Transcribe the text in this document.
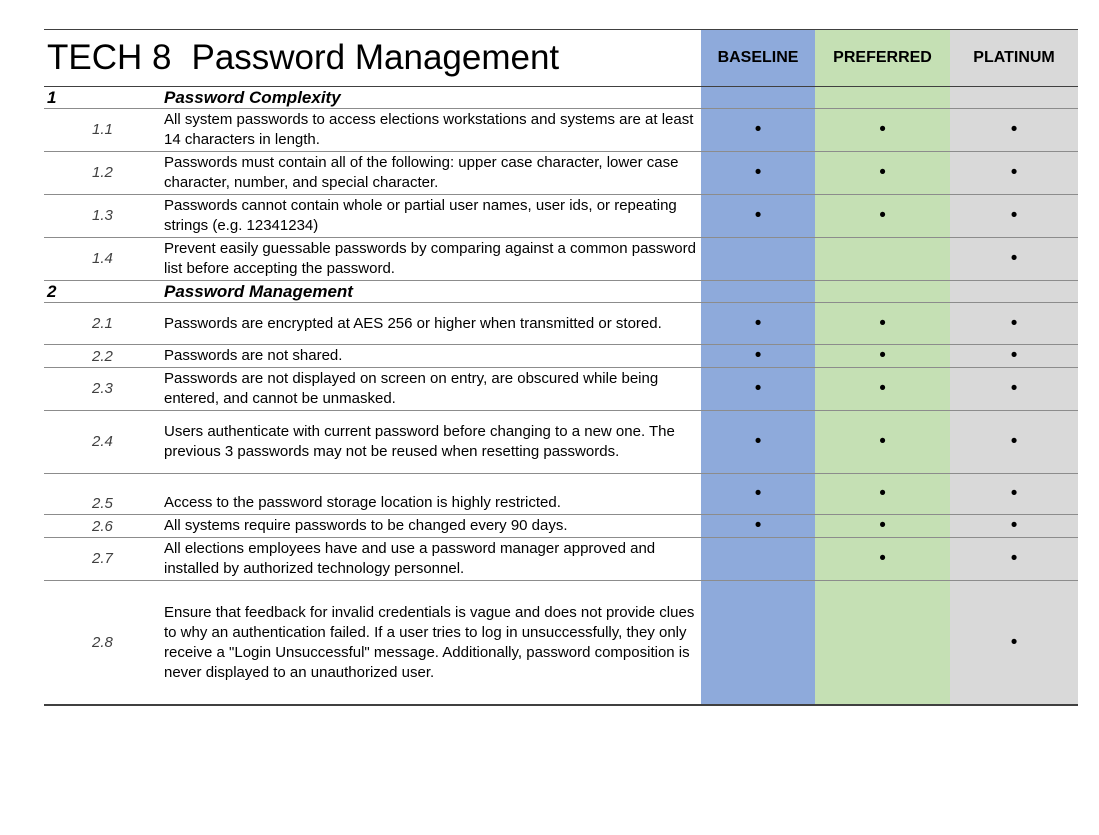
TECH 8 Password Management		BASELINE	PREFERRED	PLATINUM
1	Password Complexity			
1.1	All system passwords to access elections workstations and systems are at least 14 characters in length.	•	•	•
1.2	Passwords must contain all of the following: upper case character, lower case character, number, and special character.	•	•	•
1.3	Passwords cannot contain whole or partial user names, user ids, or repeating strings (e.g. 12341234)	•	•	•
1.4	Prevent easily guessable passwords by comparing against a common password list before accepting the password.			•
2	Password Management			
2.1	Passwords are encrypted at AES 256 or higher when transmitted or stored.	•	•	•
2.2	Passwords are not shared.	•	•	•
2.3	Passwords are not displayed on screen on entry, are obscured while being entered, and cannot be unmasked.	•	•	•
2.4	Users authenticate with current password before changing to a new one. The previous 3 passwords may not be reused when resetting passwords.	•	•	•
2.5	Access to the password storage location is highly restricted.	•	•	•
2.6	All systems require passwords to be changed every 90 days.	•	•	•
2.7	All elections employees have and use a password manager approved and installed by authorized technology personnel.		•	•
2.8	Ensure that feedback for invalid credentials is vague and does not provide clues to why an authentication failed. If a user tries to log in unsuccessfully, they only receive a "Login Unsuccessful" message. Additionally, password composition is never displayed to an unauthorized user.			•
